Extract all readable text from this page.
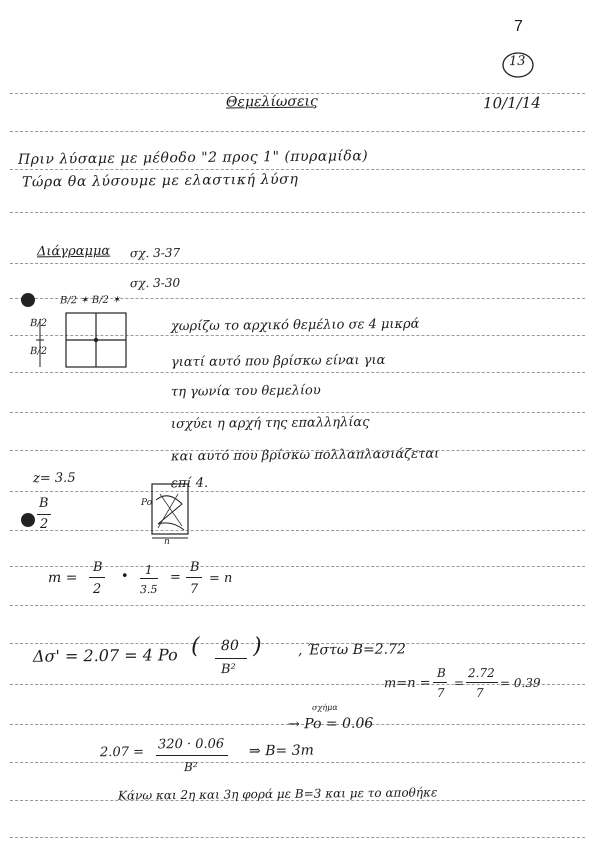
7
13
Θεμελίωσεις	10/1/14
Πριν λύσαμε με μέθοδο "2 προς 1" (πυραμίδα)
Τώρα θα λύσουμε με ελαστική λύση
Διάγραμμα σχ. 3-37
σχ. 3-30
B/2 ✶ B/2 ✶
B/2
B/2
χωρίζω το αρχικό θεμέλιο σε 4 μικρά
γιατί αυτό που βρίσκω είναι για
τη γωνία του θεμελίου
ισχύει η αρχή της επαλληλίας
και αυτό που βρίσκω πολλαπλασιάζεται
επί 4.
z= 3.5
B
2
Po
n
m =
B
2
• 1
3.5
=
B
7
= n
Δσ' = 2.07 = 4 Po ( )
80
B²
, Έστω B=2.72
m=n =
B
7
=
2.72
7
= 0.39
σχήμα
→ Po = 0.06
2.07 =
320 · 0.06
B²
⇒ B= 3m
Κάνω και 2η και 3η φορά με B=3 και με το αποθήκε
